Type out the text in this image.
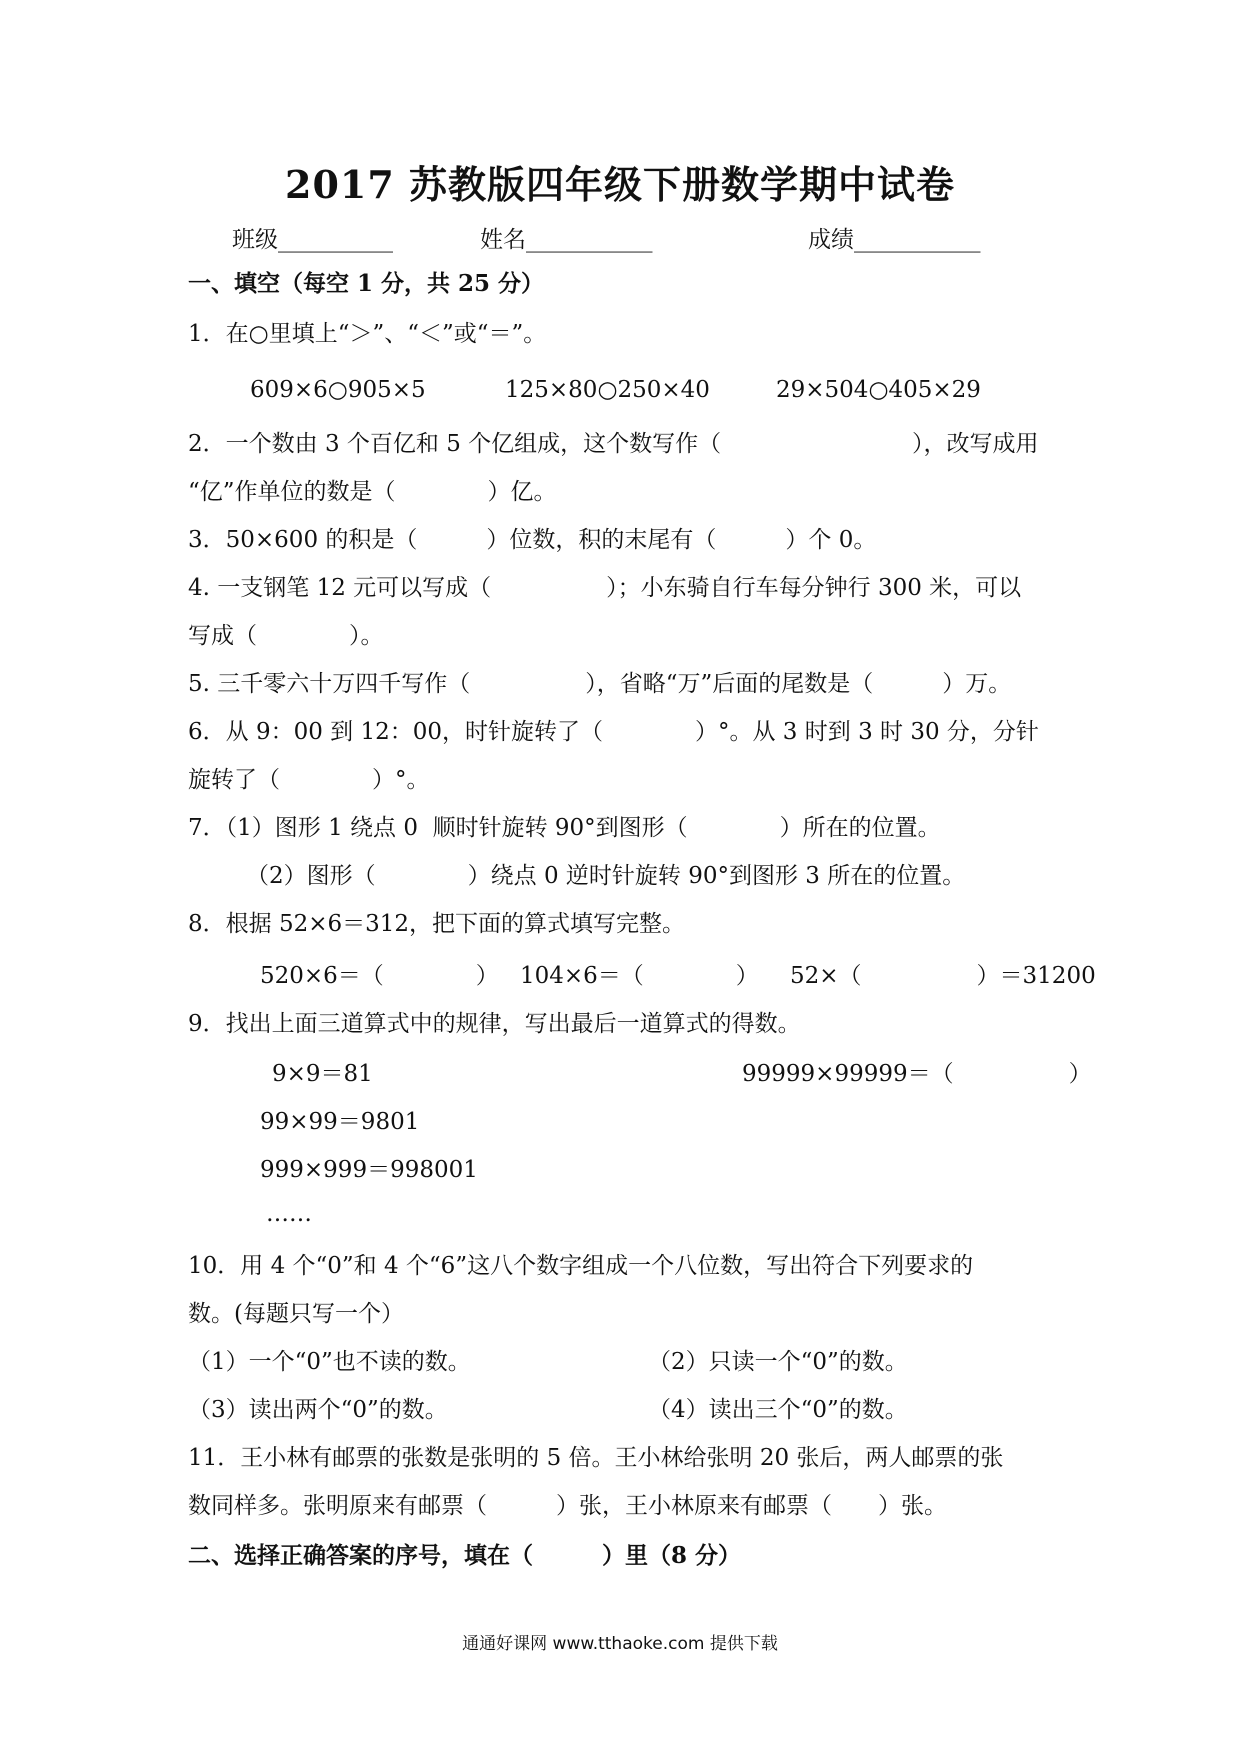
2017 苏教版四年级下册数学期中试卷

班级__________

	姓名___________

	成绩___________

一、填空（每空 1 分，共 25 分）

1．在○里填上“＞”、“＜”或“＝”。

609×6○905×5

	125×80○250×40

	29×504○405×29

2．一个数由 3 个百亿和 5 个亿组成，这个数写作（

	），改写成用

“亿”作单位的数是（　　　　）亿。

3．50×600 的积是（　　　）位数，积的末尾有（　　　）个 0。

4. 一支钢笔 12 元可以写成（　　　　　）；小东骑自行车每分钟行 300 米，可以

写成（　　　　）。

5. 三千零六十万四千写作（　　　　　），省略“万”后面的尾数是（　　　）万。

6．从 9：00 到 12：00，时针旋转了（　　　　）°。从 3 时到 3 时 30 分，分针

旋转了（　　　　）°。

7．（1）图形 1 绕点 0  顺时针旋转 90°到图形（　　　　）所在的位置。

（2）图形（　　　　）绕点 0 逆时针旋转 90°到图形 3 所在的位置。

8．根据 52×6＝312，把下面的算式填写完整。

520×6＝（　　　　）

104×6＝（　　　　）

52×（　　　　　）＝31200

9．找出上面三道算式中的规律，写出最后一道算式的得数。

9×9＝81

	99999×99999＝（　　　　　）

99×99＝9801

999×999＝998001

……

10．用 4 个“0”和 4 个“6”这八个数字组成一个八位数，写出符合下列要求的

数。(每题只写一个）

（1）一个“0”也不读的数。

	（2）只读一个“0”的数。

（3）读出两个“0”的数。

	（4）读出三个“0”的数。

11．王小林有邮票的张数是张明的 5 倍。王小林给张明 20 张后，两人邮票的张

数同样多。张明原来有邮票（　　　）张，王小林原来有邮票（　　）张。

二、选择正确答案的序号，填在（　　　）里（8 分）

通通好课网 www.tthaoke.com 提供下载
